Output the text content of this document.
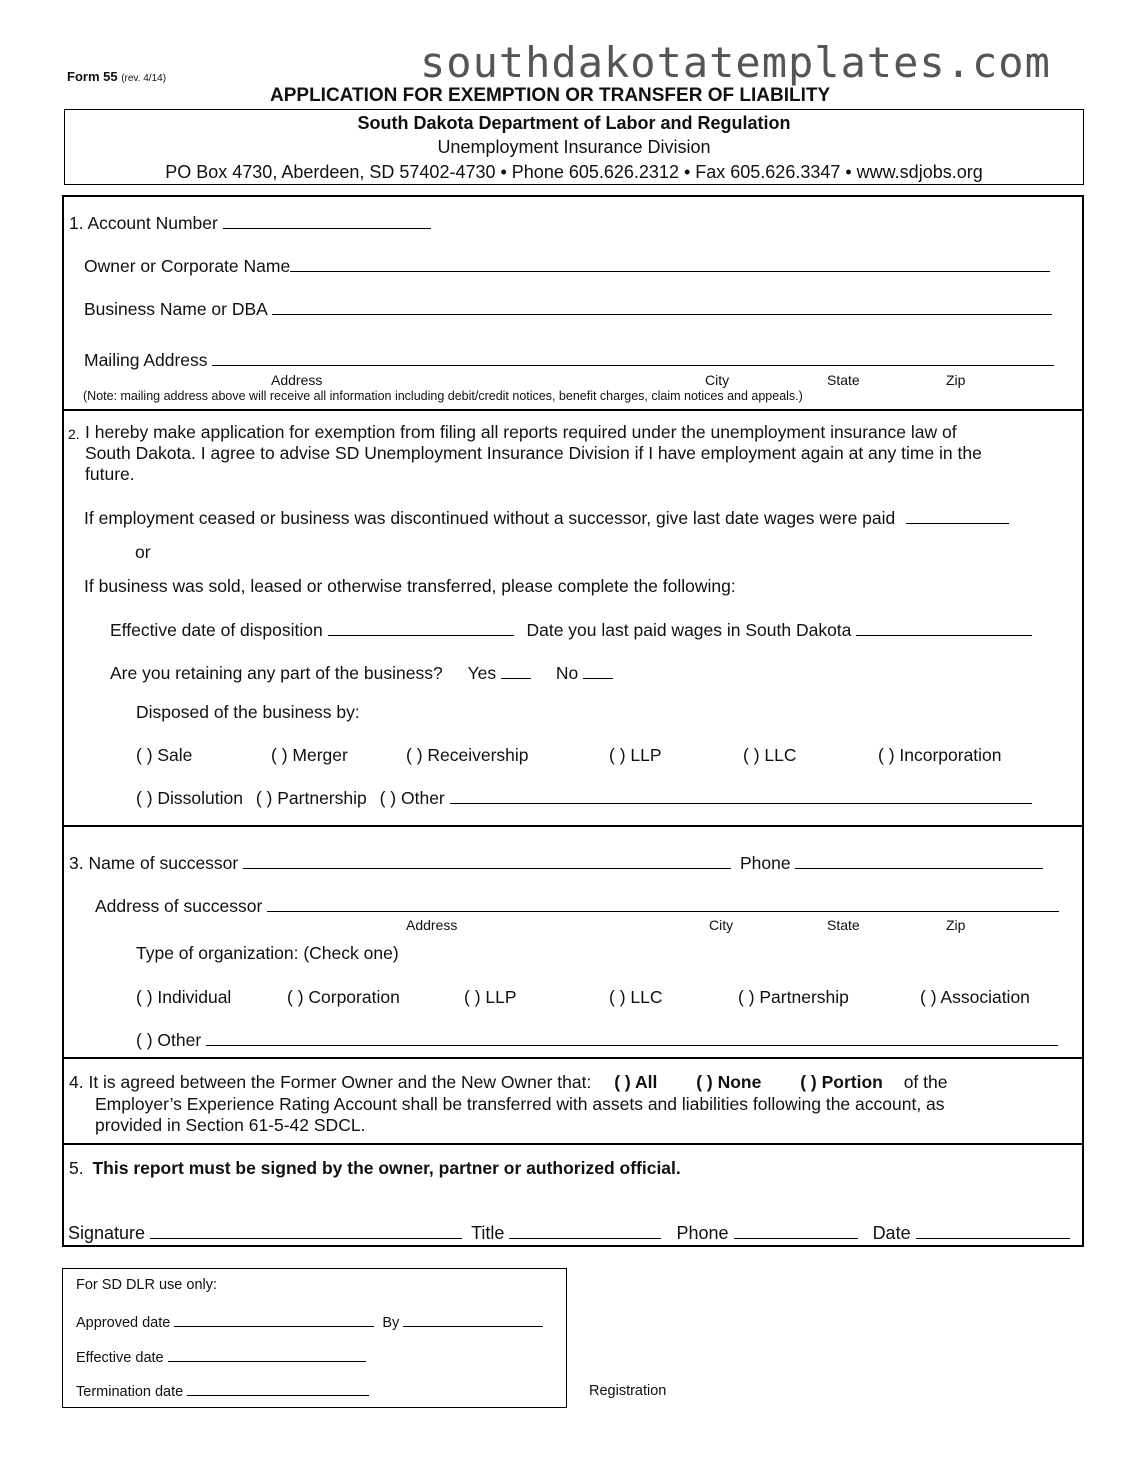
southdakotatemplates.com
Form 55 (rev. 4/14)
APPLICATION FOR EXEMPTION OR TRANSFER OF LIABILITY
South Dakota Department of Labor and Regulation
Unemployment Insurance Division
PO Box 4730, Aberdeen, SD 57402-4730 • Phone 605.626.2312 • Fax 605.626.3347 • www.sdjobs.org
1. Account Number
Owner or Corporate Name
Business Name or DBA
Mailing Address
Address	City	State	Zip
(Note: mailing address above will receive all information including debit/credit notices, benefit charges, claim notices and appeals.)
2. I hereby make application for exemption from filing all reports required under the unemployment insurance law of
South Dakota. I agree to advise SD Unemployment Insurance Division if I have employment again at any time in the
future.
If employment ceased or business was discontinued without a successor, give last date wages were paid
or
If business was sold, leased or otherwise transferred, please complete the following:
Effective date of disposition	Date you last paid wages in South Dakota
Are you retaining any part of the business? Yes	No
Disposed of the business by:
( ) Sale	( ) Merger	( ) Receivership	( ) LLP	( ) LLC	( ) Incorporation
( ) Dissolution ( ) Partnership ( ) Other
3. Name of successor	Phone
Address of successor
Address	City	State	Zip
Type of organization: (Check one)
( ) Individual	( ) Corporation	( ) LLP	( ) LLC	( ) Partnership	( ) Association
( ) Other
4. It is agreed between the Former Owner and the New Owner that: ( ) All ( ) None ( ) Portion of the
Employer’s Experience Rating Account shall be transferred with assets and liabilities following the account, as
provided in Section 61-5-42 SDCL.
5. This report must be signed by the owner, partner or authorized official.
Signature	Title	Phone	Date
For SD DLR use only:
Approved date	By
Effective date
Termination date	Registration
